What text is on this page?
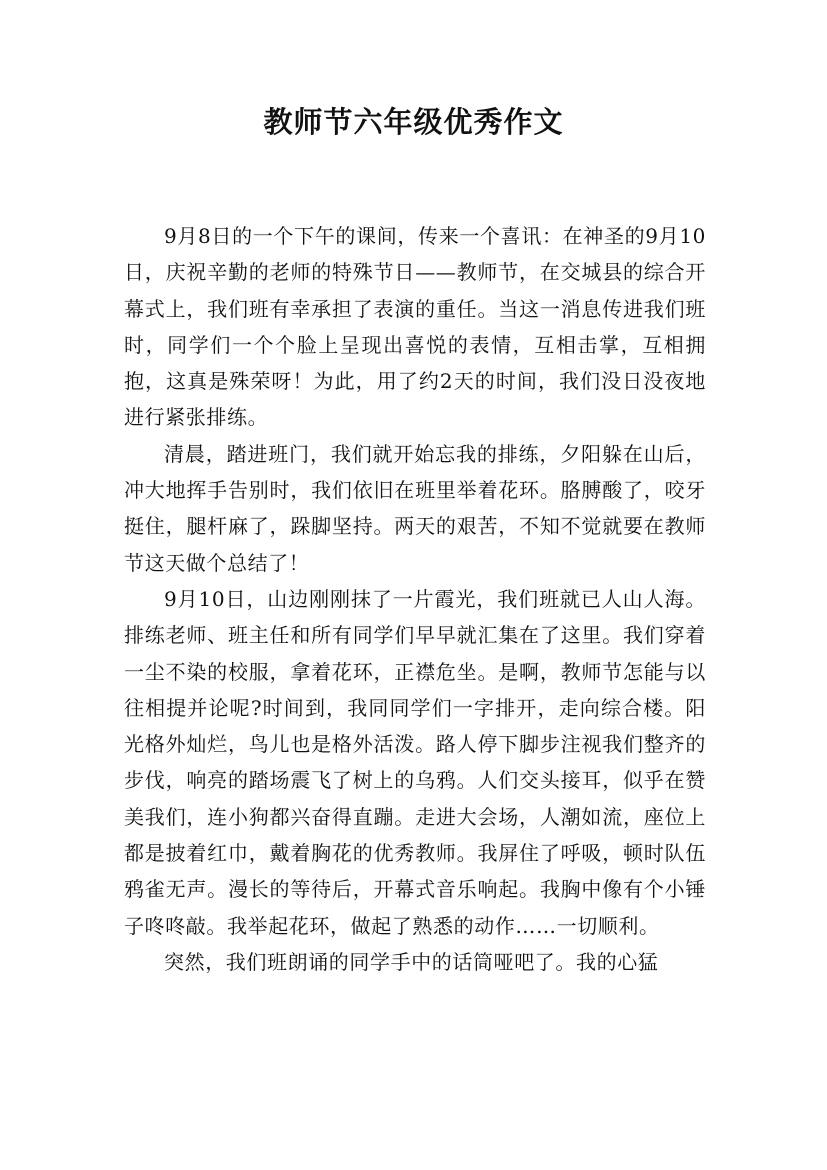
教师节六年级优秀作文

9月8日的一个下午的课间，传来一个喜讯：在神圣的9月10日，庆祝辛勤的老师的特殊节日——教师节，在交城县的综合开幕式上，我们班有幸承担了表演的重任。当这一消息传进我们班时，同学们一个个脸上呈现出喜悦的表情，互相击掌，互相拥抱，这真是殊荣呀！为此，用了约2天的时间，我们没日没夜地进行紧张排练。

清晨，踏进班门，我们就开始忘我的排练，夕阳躲在山后，冲大地挥手告别时，我们依旧在班里举着花环。胳膊酸了，咬牙挺住，腿杆麻了，跺脚坚持。两天的艰苦，不知不觉就要在教师节这天做个总结了！

9月10日，山边刚刚抹了一片霞光，我们班就已人山人海。排练老师、班主任和所有同学们早早就汇集在了这里。我们穿着一尘不染的校服，拿着花环，正襟危坐。是啊，教师节怎能与以往相提并论呢?时间到，我同同学们一字排开，走向综合楼。阳光格外灿烂，鸟儿也是格外活泼。路人停下脚步注视我们整齐的步伐，响亮的踏场震飞了树上的乌鸦。人们交头接耳，似乎在赞美我们，连小狗都兴奋得直蹦。走进大会场，人潮如流，座位上都是披着红巾，戴着胸花的优秀教师。我屏住了呼吸，顿时队伍鸦雀无声。漫长的等待后，开幕式音乐响起。我胸中像有个小锤子咚咚敲。我举起花环，做起了熟悉的动作……一切顺利。

突然，我们班朗诵的同学手中的话筒哑吧了。我的心猛
